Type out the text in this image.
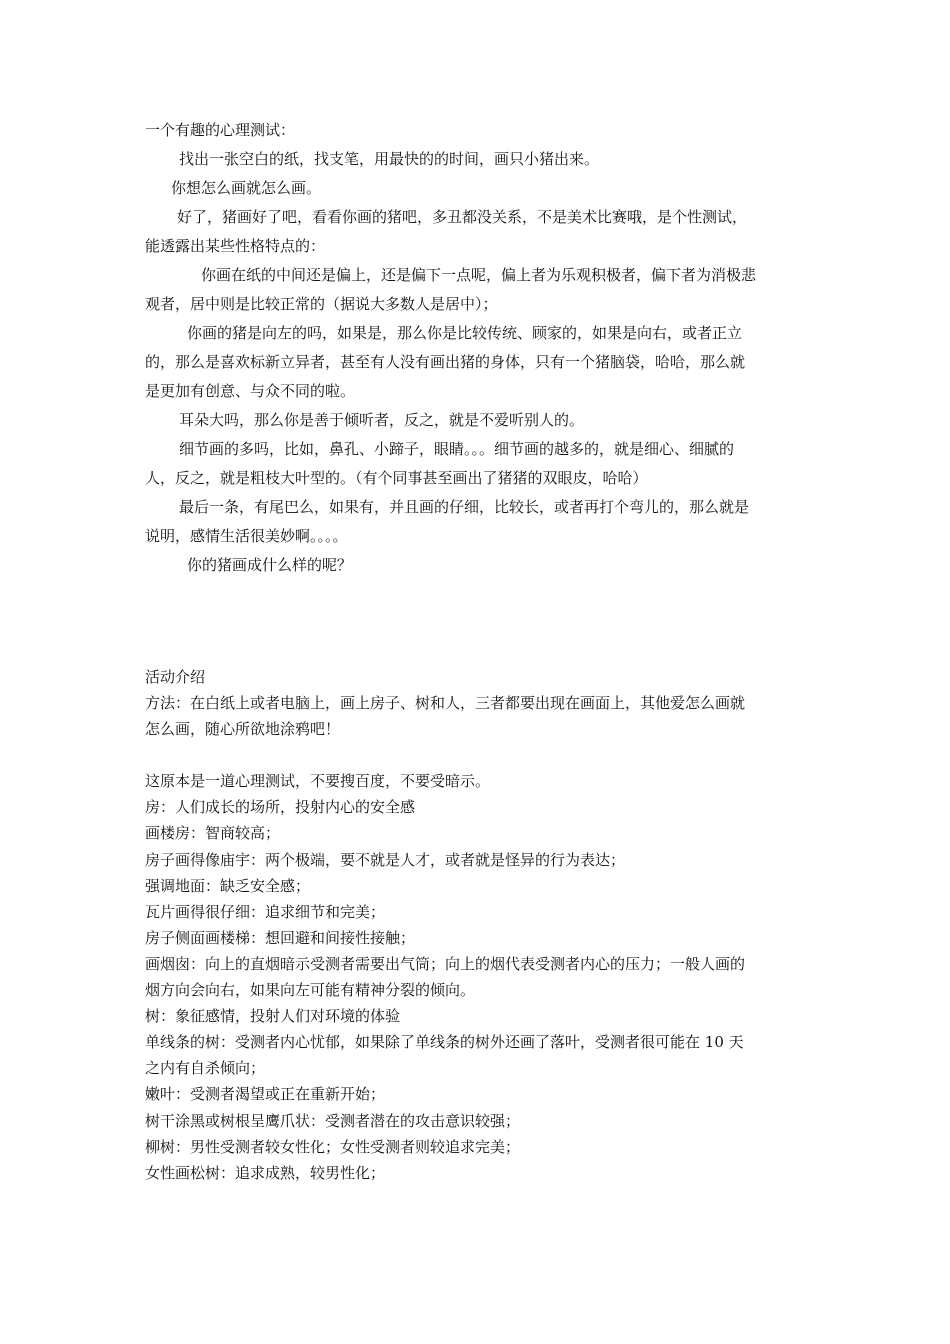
一个有趣的心理测试：
找出一张空白的纸，找支笔，用最快的的时间，画只小猪出来。
你想怎么画就怎么画。
好了，猪画好了吧，看看你画的猪吧，多丑都没关系，不是美术比赛哦，是个性测试，
能透露出某些性格特点的：
你画在纸的中间还是偏上，还是偏下一点呢，偏上者为乐观积极者，偏下者为消极悲
观者，居中则是比较正常的（据说大多数人是居中）；
你画的猪是向左的吗，如果是，那么你是比较传统、顾家的，如果是向右，或者正立
的，那么是喜欢标新立异者，甚至有人没有画出猪的身体，只有一个猪脑袋，哈哈，那么就
是更加有创意、与众不同的啦。
耳朵大吗，那么你是善于倾听者，反之，就是不爱听别人的。
细节画的多吗，比如，鼻孔、小蹄子，眼睛。。。细节画的越多的，就是细心、细腻的
人，反之，就是粗枝大叶型的。（有个同事甚至画出了猪猪的双眼皮，哈哈）
最后一条，有尾巴么，如果有，并且画的仔细，比较长，或者再打个弯儿的，那么就是
说明，感情生活很美妙啊。。。。
你的猪画成什么样的呢？
活动介绍
方法：在白纸上或者电脑上，画上房子、树和人，三者都要出现在画面上，其他爱怎么画就
怎么画，随心所欲地涂鸦吧！
这原本是一道心理测试，不要搜百度，不要受暗示。
房：人们成长的场所，投射内心的安全感
画楼房：智商较高；
房子画得像庙宇：两个极端，要不就是人才，或者就是怪异的行为表达；
强调地面：缺乏安全感；
瓦片画得很仔细：追求细节和完美；
房子侧面画楼梯：想回避和间接性接触；
画烟囱：向上的直烟暗示受测者需要出气筒；向上的烟代表受测者内心的压力；一般人画的
烟方向会向右，如果向左可能有精神分裂的倾向。
树：象征感情，投射人们对环境的体验
单线条的树：受测者内心忧郁，如果除了单线条的树外还画了落叶，受测者很可能在 10 天
之内有自杀倾向；
嫩叶：受测者渴望或正在重新开始；
树干涂黑或树根呈鹰爪状：受测者潜在的攻击意识较强；
柳树：男性受测者较女性化；女性受测者则较追求完美；
女性画松树：追求成熟，较男性化；
